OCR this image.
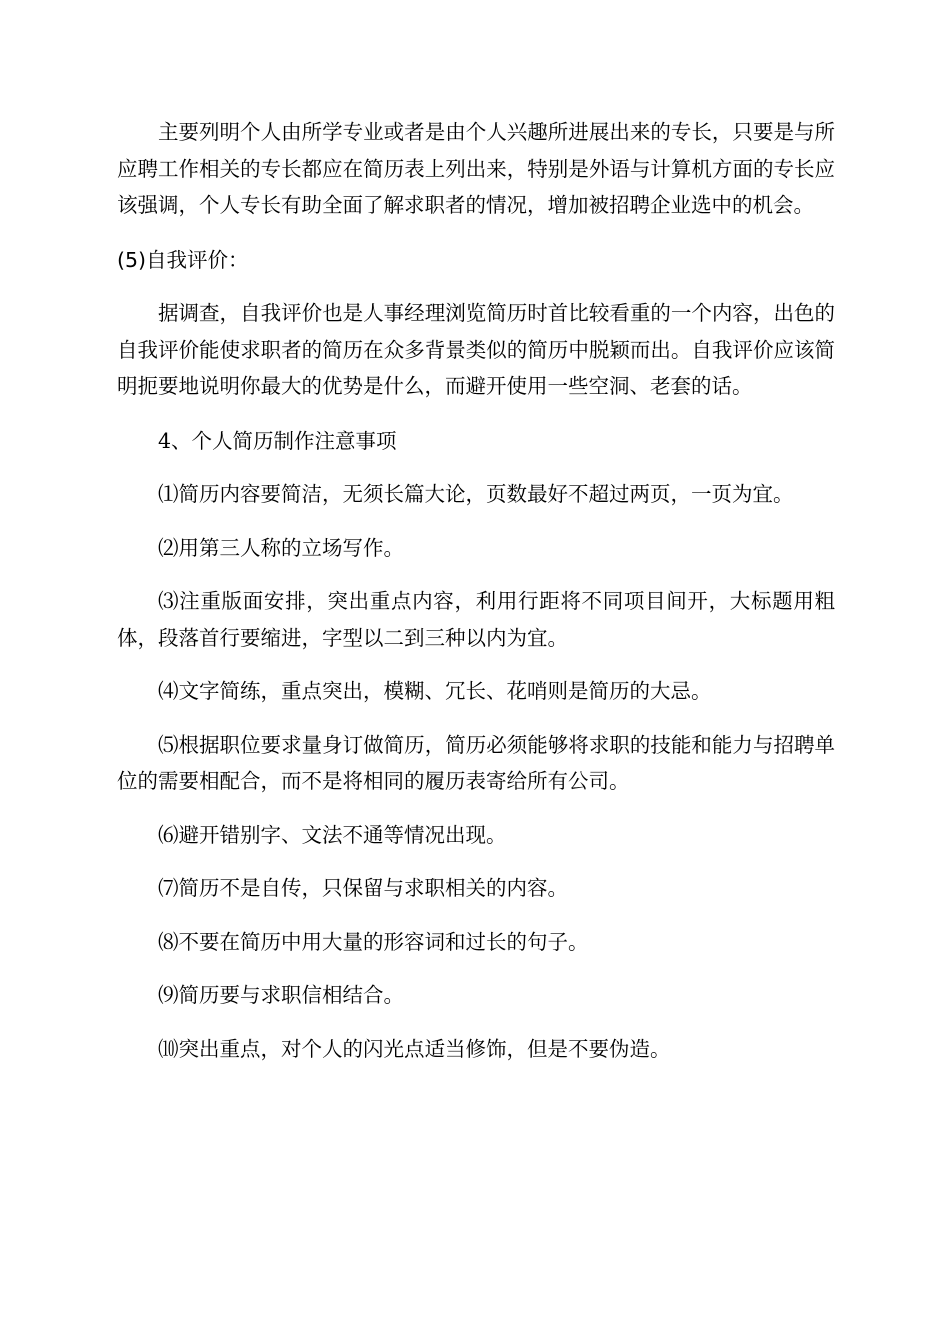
主要列明个人由所学专业或者是由个人兴趣所进展出来的专长，只要是与所应聘工作相关的专长都应在简历表上列出来，特别是外语与计算机方面的专长应该强调，个人专长有助全面了解求职者的情况，增加被招聘企业选中的机会。

(5)自我评价：

据调查，自我评价也是人事经理浏览简历时首比较看重的一个内容，出色的自我评价能使求职者的简历在众多背景类似的简历中脱颖而出。自我评价应该简明扼要地说明你最大的优势是什么，而避开使用一些空洞、老套的话。

4、个人简历制作注意事项

⑴简历内容要简洁，无须长篇大论，页数最好不超过两页，一页为宜。

⑵用第三人称的立场写作。

⑶注重版面安排，突出重点内容，利用行距将不同项目间开，大标题用粗体，段落首行要缩进，字型以二到三种以内为宜。

⑷文字简练，重点突出，模糊、冗长、花哨则是简历的大忌。

⑸根据职位要求量身订做简历，简历必须能够将求职的技能和能力与招聘单位的需要相配合，而不是将相同的履历表寄给所有公司。

⑹避开错别字、文法不通等情况出现。

⑺简历不是自传，只保留与求职相关的内容。

⑻不要在简历中用大量的形容词和过长的句子。

⑼简历要与求职信相结合。

⑽突出重点，对个人的闪光点适当修饰，但是不要伪造。
